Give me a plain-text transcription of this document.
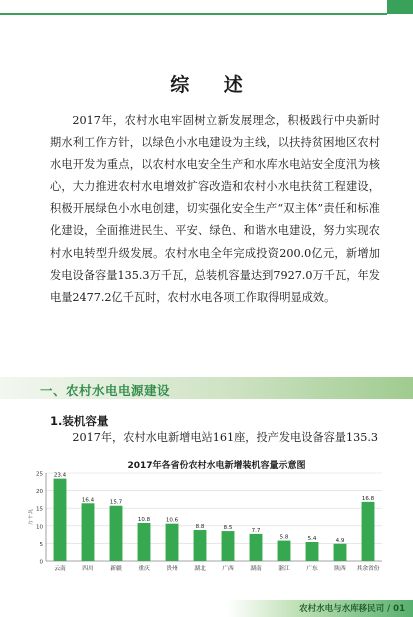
综 述

2017年，农村水电牢固树立新发展理念，积极践行中央新时期水利工作方针，以绿色小水电建设为主线，以扶持贫困地区农村水电开发为重点，以农村水电安全生产和水库水电站安全度汛为核心，大力推进农村水电增效扩容改造和农村小水电扶贫工程建设，积极开展绿色小水电创建，切实强化安全生产“双主体”责任和标准化建设，全面推进民生、平安、绿色、和谐水电建设，努力实现农村水电转型升级发展。农村水电全年完成投资200.0亿元，新增加发电设备容量135.3万千瓦，总装机容量达到7927.0万千瓦，年发电量2477.2亿千瓦时，农村水电各项工作取得明显成效。

一、农村水电电源建设
1.装机容量

2017年，农村水电新增电站161座，投产发电设备容量135.3

2017年各省份农村水电新增装机容量示意图
0
5
10
15
20
25
万千瓦
23.4
云南
16.4
四川
15.7
新疆
10.8
重庆
10.6
贵州
8.8
湖北
8.5
广西
7.7
湖南
5.8
浙江
5.4
广东
4.9
陕西
16.8
其余省份
农村水电与水库移民司 / 01
